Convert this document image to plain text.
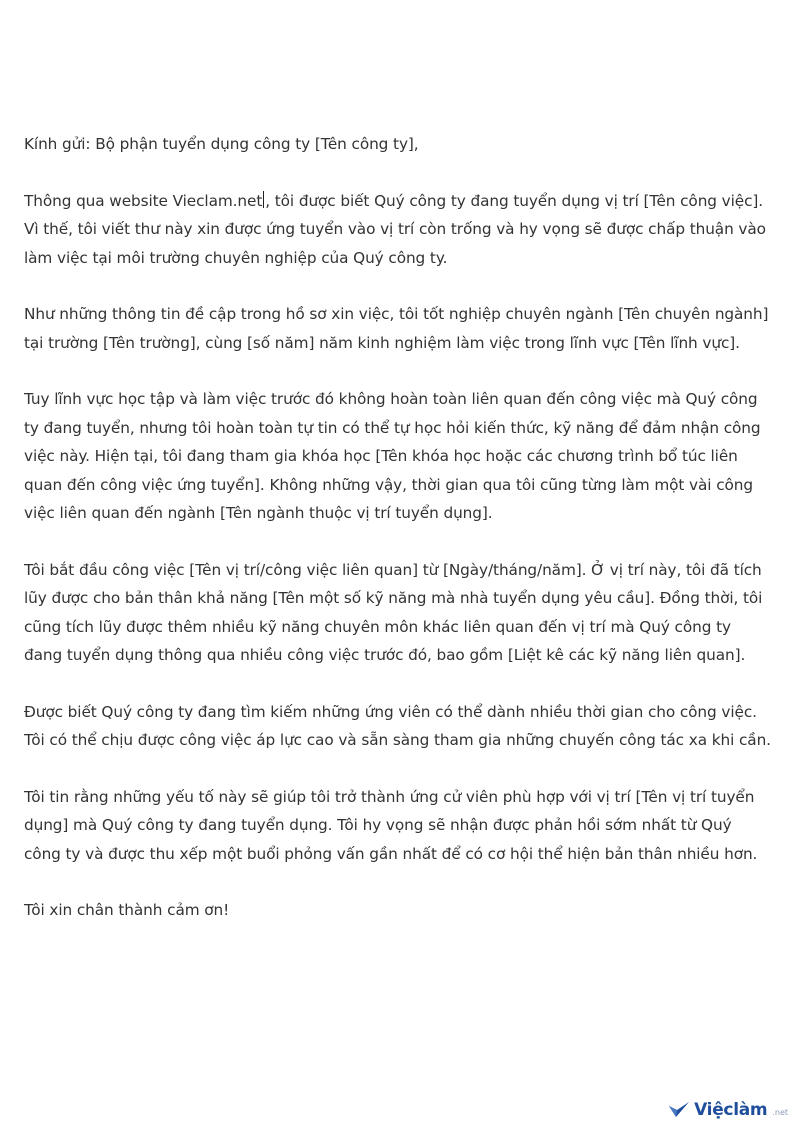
Kính gửi: Bộ phận tuyển dụng công ty [Tên công ty],

Thông qua website Vieclam.net , tôi được biết Quý công ty đang tuyển dụng vị trí [Tên công việc]. Vì thế, tôi viết thư này xin được ứng tuyển vào vị trí còn trống và hy vọng sẽ được chấp thuận vào làm việc tại môi trường chuyên nghiệp của Quý công ty.

Như những thông tin đề cập trong hồ sơ xin việc, tôi tốt nghiệp chuyên ngành [Tên chuyên ngành] tại trường [Tên trường], cùng [số năm] năm kinh nghiệm làm việc trong lĩnh vực [Tên lĩnh vực].

Tuy lĩnh vực học tập và làm việc trước đó không hoàn toàn liên quan đến công việc mà Quý công ty đang tuyển, nhưng tôi hoàn toàn tự tin có thể tự học hỏi kiến thức, kỹ năng để đảm nhận công việc này. Hiện tại, tôi đang tham gia khóa học [Tên khóa học hoặc các chương trình bổ túc liên quan đến công việc ứng tuyển]. Không những vậy, thời gian qua tôi cũng từng làm một vài công việc liên quan đến ngành [Tên ngành thuộc vị trí tuyển dụng].

Tôi bắt đầu công việc [Tên vị trí/công việc liên quan] từ [Ngày/tháng/năm]. Ở vị trí này, tôi đã tích lũy được cho bản thân khả năng [Tên một số kỹ năng mà nhà tuyển dụng yêu cầu]. Đồng thời, tôi cũng tích lũy được thêm nhiều kỹ năng chuyên môn khác liên quan đến vị trí mà Quý công ty đang tuyển dụng thông qua nhiều công việc trước đó, bao gồm [Liệt kê các kỹ năng liên quan].

Được biết Quý công ty đang tìm kiếm những ứng viên có thể dành nhiều thời gian cho công việc. Tôi có thể chịu được công việc áp lực cao và sẵn sàng tham gia những chuyến công tác xa khi cần.

Tôi tin rằng những yếu tố này sẽ giúp tôi trở thành ứng cử viên phù hợp với vị trí [Tên vị trí tuyển dụng] mà Quý công ty đang tuyển dụng. Tôi hy vọng sẽ nhận được phản hồi sớm nhất từ Quý công ty và được thu xếp một buổi phỏng vấn gần nhất để có cơ hội thể hiện bản thân nhiều hơn.

Tôi xin chân thành cảm ơn!

Việclàm .net
